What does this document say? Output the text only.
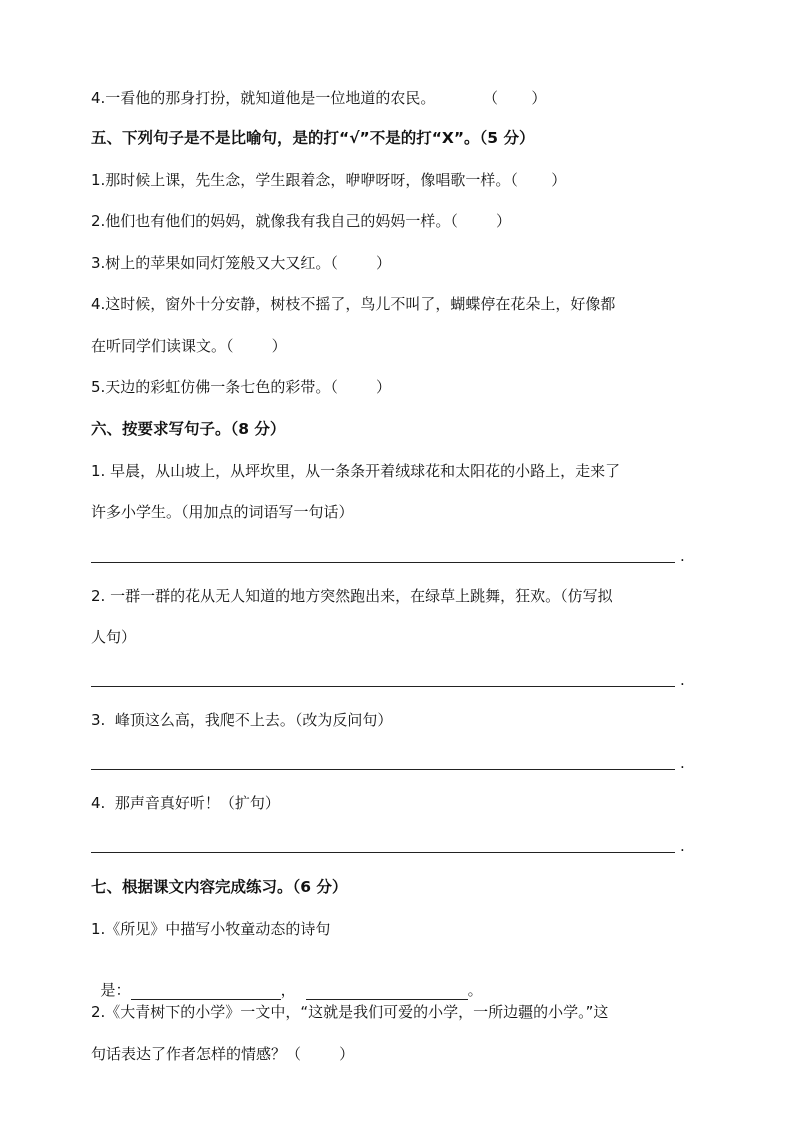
4.一看他的那身打扮，就知道他是一位地道的农民。          （       ）
五、下列句子是不是比喻句，是的打“√”不是的打“X”。（5 分）
1.那时候上课，先生念，学生跟着念，咿咿呀呀，像唱歌一样。（       ）
2.他们也有他们的妈妈，就像我有我自己的妈妈一样。（        ）
3.树上的苹果如同灯笼般又大又红。（        ）
4.这时候，窗外十分安静，树枝不摇了，鸟儿不叫了，蝴蝶停在花朵上，好像都
在听同学们读课文。（        ）
5.天边的彩虹仿佛一条七色的彩带。（        ）
六、按要求写句子。（8 分）
1. 早晨，从山坡上，从坪坎里，从一条条开着绒球花和太阳花的小路上，走来了
许多小学生。（用加点的词语写一句话）
.
2. 一群一群的花从无人知道的地方突然跑出来，在绿草上跳舞，狂欢。（仿写拟
人句）
.
3.  峰顶这么高，我爬不上去。（改为反问句）
.
4.  那声音真好听！（扩句）
.
七、根据课文内容完成练习。（6 分）
1.《所见》中描写小牧童动态的诗句

是：	，	。

2.《大青树下的小学》一文中，“这就是我们可爱的小学，一所边疆的小学。”这
句话表达了作者怎样的情感？（        ）
